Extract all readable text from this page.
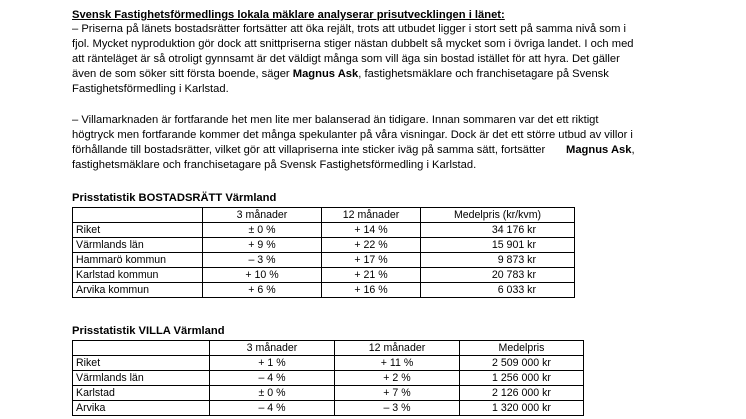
Svensk Fastighetsförmedlings lokala mäklare analyserar prisutvecklingen i länet:
– Priserna på länets bostadsrätter fortsätter att öka rejält, trots att utbudet ligger i stort sett på samma nivå som i
fjol. Mycket nyproduktion gör dock att snittpriserna stiger nästan dubbelt så mycket som i övriga landet. I och med
att ränteläget är så otroligt gynnsamt är det väldigt många som vill äga sin bostad istället för att hyra. Det gäller
även de som söker sitt första boende, säger Magnus Ask, fastighetsmäklare och franchisetagare på Svensk
Fastighetsförmedling i Karlstad.
– Villamarknaden är fortfarande het men lite mer balanserad än tidigare. Innan sommaren var det ett riktigt
högtryck men fortfarande kommer det många spekulanter på våra visningar. Dock är det ett större utbud av villor i
förhållande till bostadsrätter, vilket gör att villapriserna inte sticker iväg på samma sätt, fortsätter
fastighetsmäklare och franchisetagare på Svensk Fastighetsförmedling i Karlstad.
Magnus Ask,
Prisstatistik BOSTADSRÄTT Värmland
	3 månader	12 månader	Medelpris (kr/kvm)
Riket	± 0 %	+ 14 %	34 176 kr
Värmlands län	+ 9 %	+ 22 %	15 901 kr
Hammarö kommun	– 3 %	+ 17 %	9 873 kr
Karlstad kommun	+ 10 %	+ 21 %	20 783 kr
Arvika kommun	+ 6 %	+ 16 %	6 033 kr
Prisstatistik VILLA Värmland
	3 månader	12 månader	Medelpris
Riket	+ 1 %	+ 11 %	2 509 000 kr
Värmlands län	– 4 %	+ 2 %	1 256 000 kr
Karlstad	± 0 %	+ 7 %	2 126 000 kr
Arvika	– 4 %	– 3 %	1 320 000 kr
